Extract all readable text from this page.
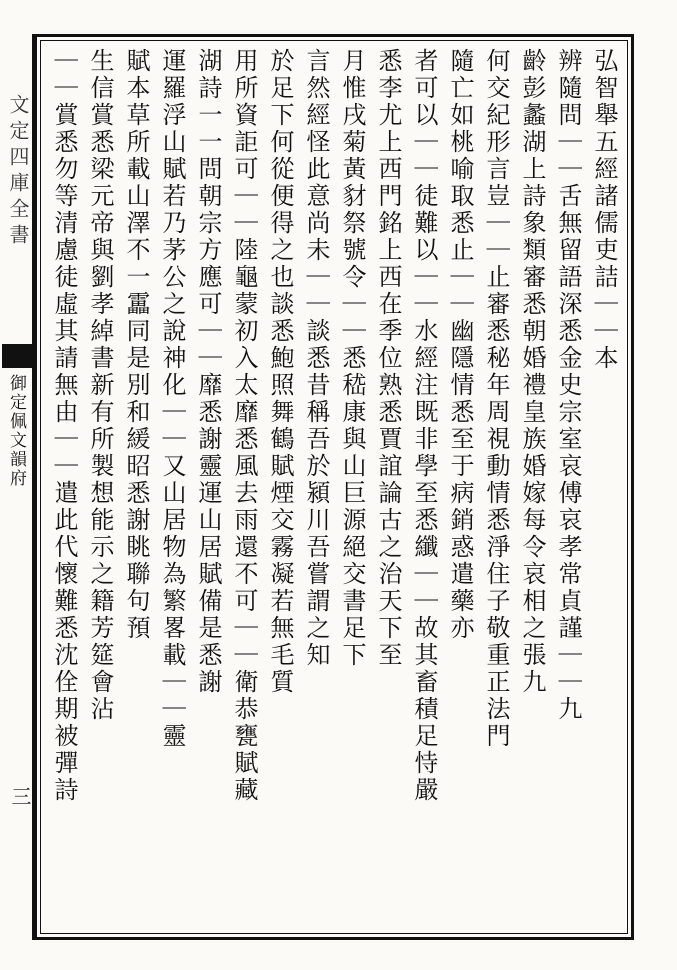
文定四庫全書
御定佩文韻府
三
弘智舉五經諸儒吏詰｜｜本
辨隨問｜｜舌無留語深悉金史宗室哀傅哀孝常貞謹｜｜九
齡彭蠡湖上詩象類審悉朝婚禮皇族婚嫁每令哀相之張九
何交紀形言豈｜｜止審悉秘年周視動情悉淨住子敬重正法門
隨亡如桃喻取悉止｜｜幽隱情悉至于病銷惑遣藥亦
者可以｜｜徒難以｜｜水經注既非學至悉纖｜｜故其畜積足恃嚴
悉李尤上西門銘上西在季位熟悉賈誼論古之治天下至
月惟戌菊黃豺祭號令｜｜悉嵇康與山巨源絕交書足下
言然經怪此意尚未｜｜談悉昔稱吾於潁川吾嘗謂之知
於足下何從便得之也談悉鮑照舞鶴賦煙交霧凝若無毛質
用所資詎可｜｜陸龜蒙初入太靡悉風去雨還不可｜｜衛恭甕賦藏
湖詩一一問朝宗方應可｜｜靡悉謝靈運山居賦備是悉謝
運羅浮山賦若乃茅公之說神化｜｜又山居物為繁畧載｜｜靈
賦本草所載山澤不一靁同是別和緩昭悉謝眺聯句預
生信賞悉梁元帝與劉孝綽書新有所製想能示之籍芳筵會沾
｜｜賞悉勿等清慮徒虛其請無由｜｜遣此代懷難悉沈佺期被彈詩
